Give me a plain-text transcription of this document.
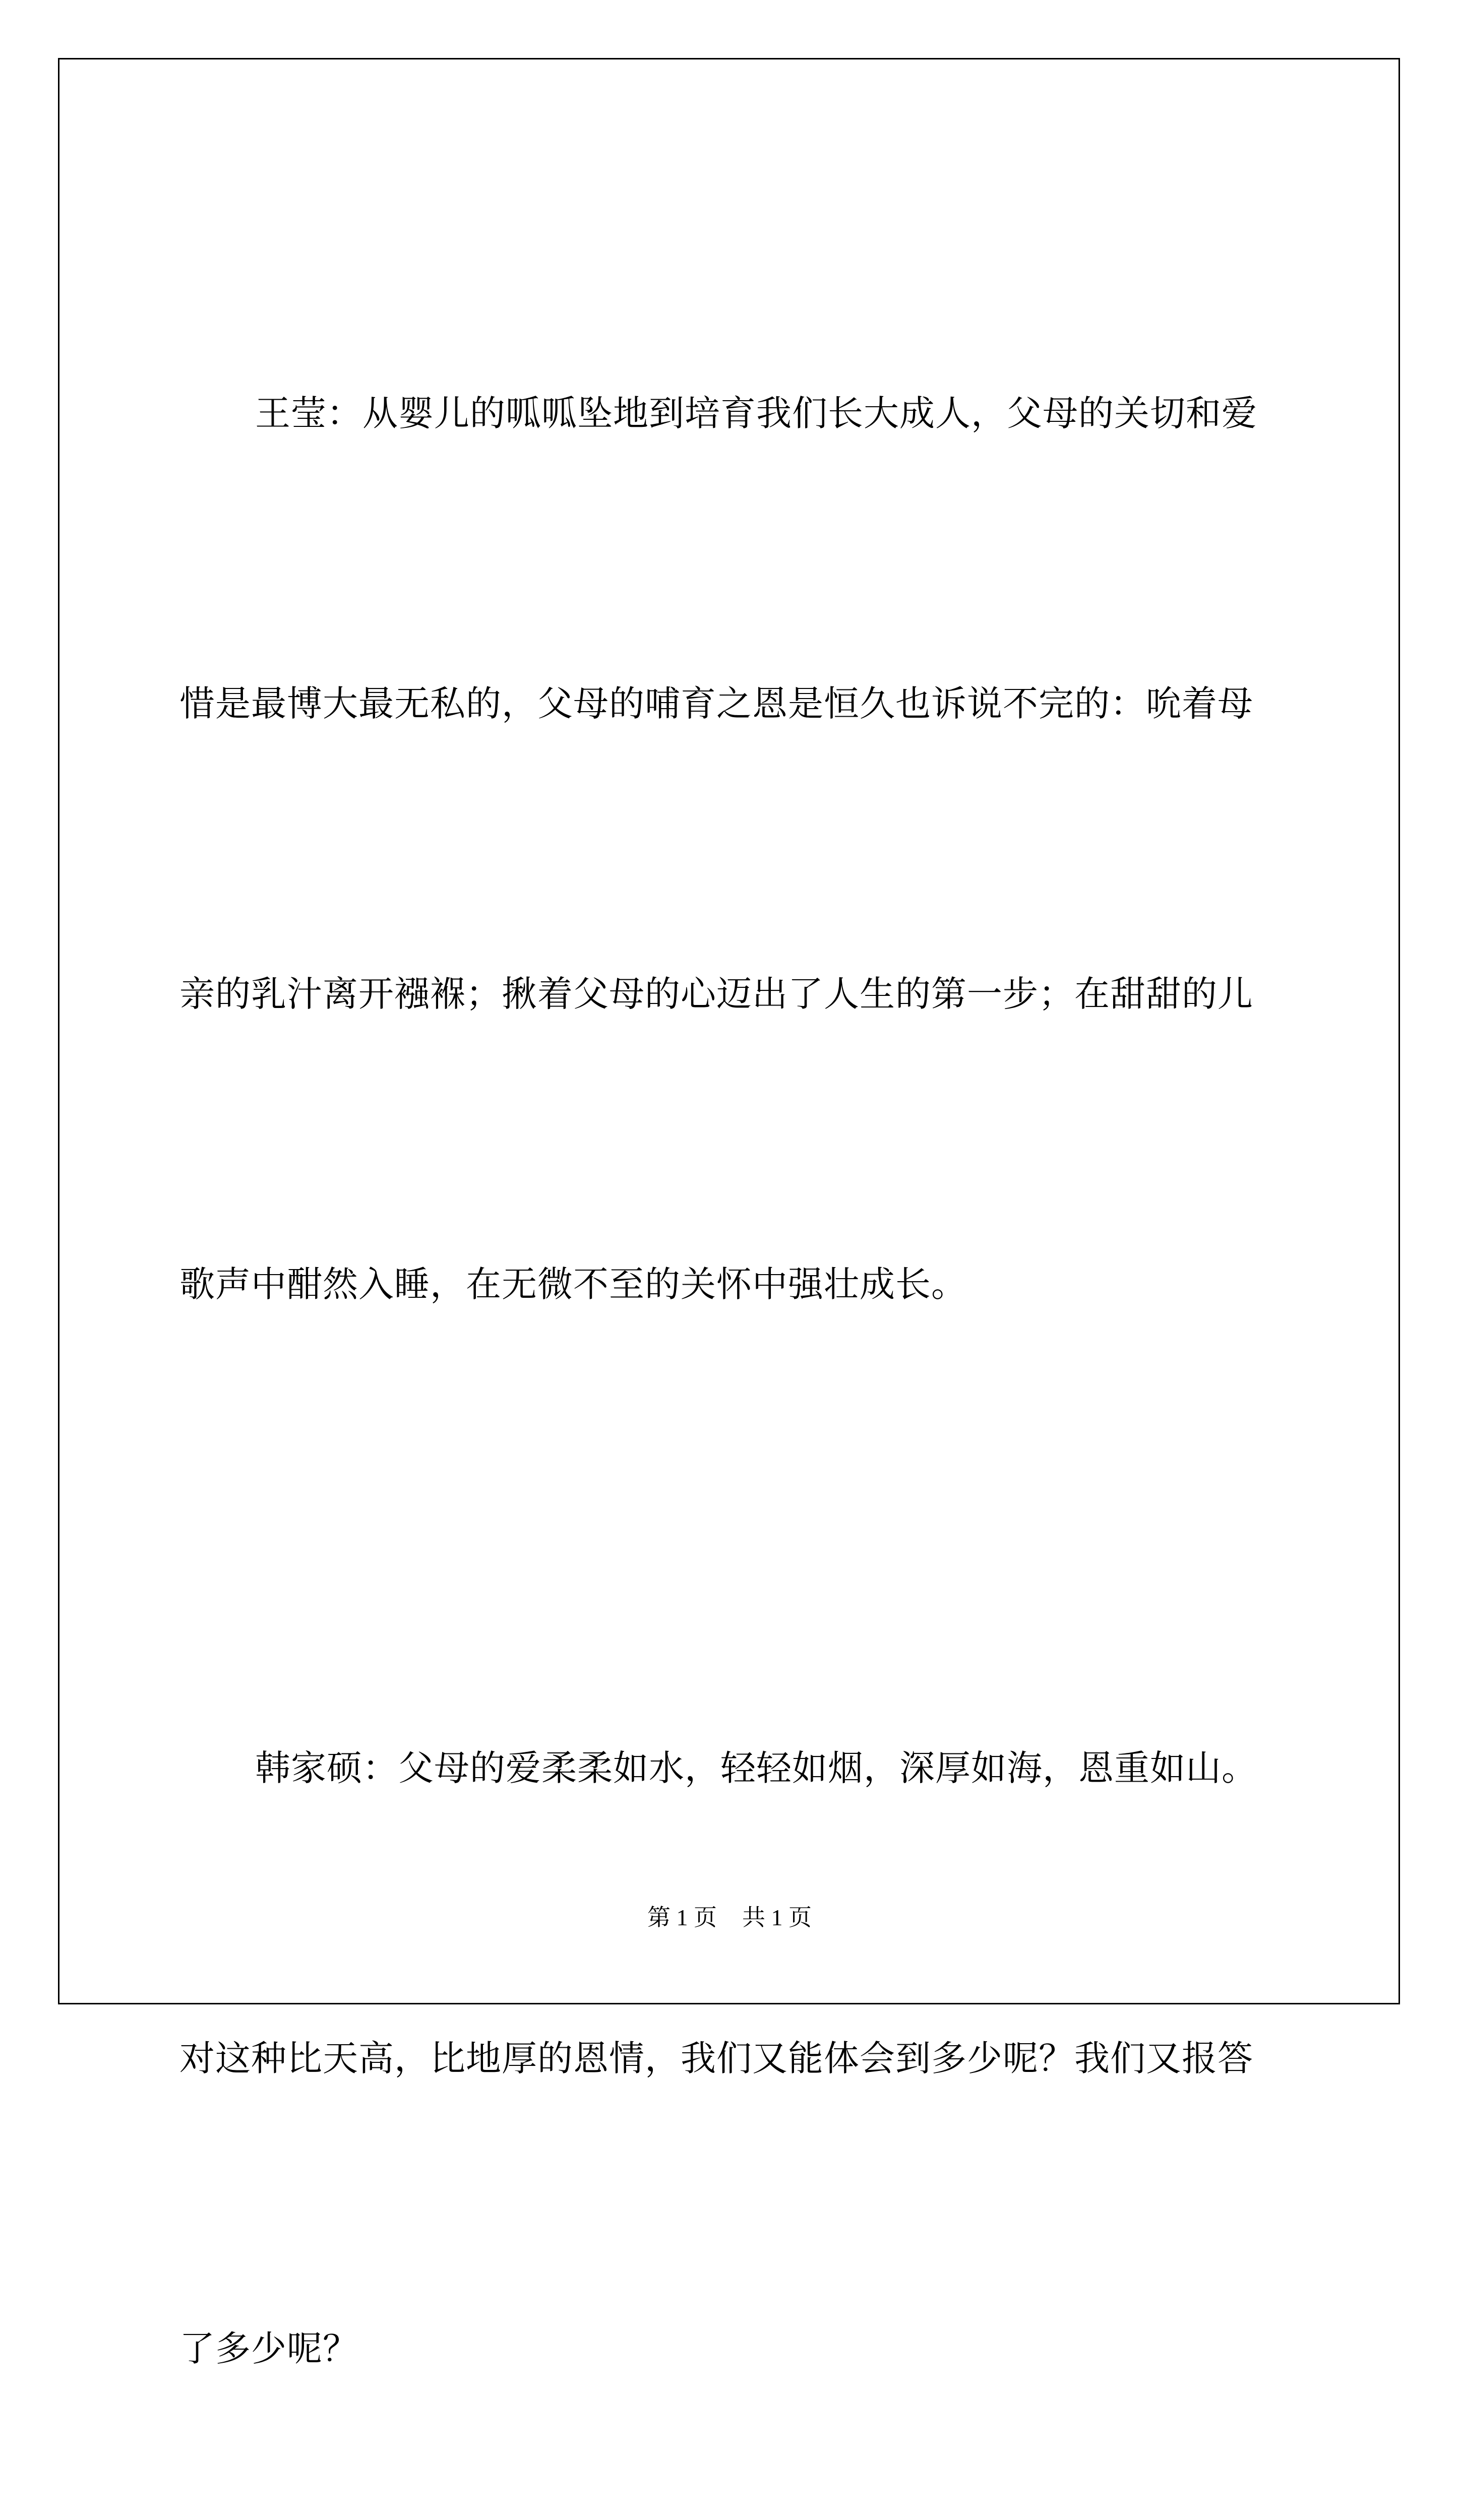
王莹：从婴儿的呱呱坠地到培育我们长大成人，父母的关切和爱

惜是最博大最无私的，父母的哺育之恩是恒久也诉说不完的：吮着母

亲的乳汁离开襁褓；揪着父母的心迈出了人生的第一步；在甜甜的儿

歌声中酣然入睡，在无微不至的关怀中强壮成长。

韩家硕：父母的爱柔柔如水，轻轻如烟，深厚如海，恩重如山。

对这种比天高，比地厚的恩情，我们又能体会到多少呢？我们又报答

了多少呢？

第 1 页 共 1 页
